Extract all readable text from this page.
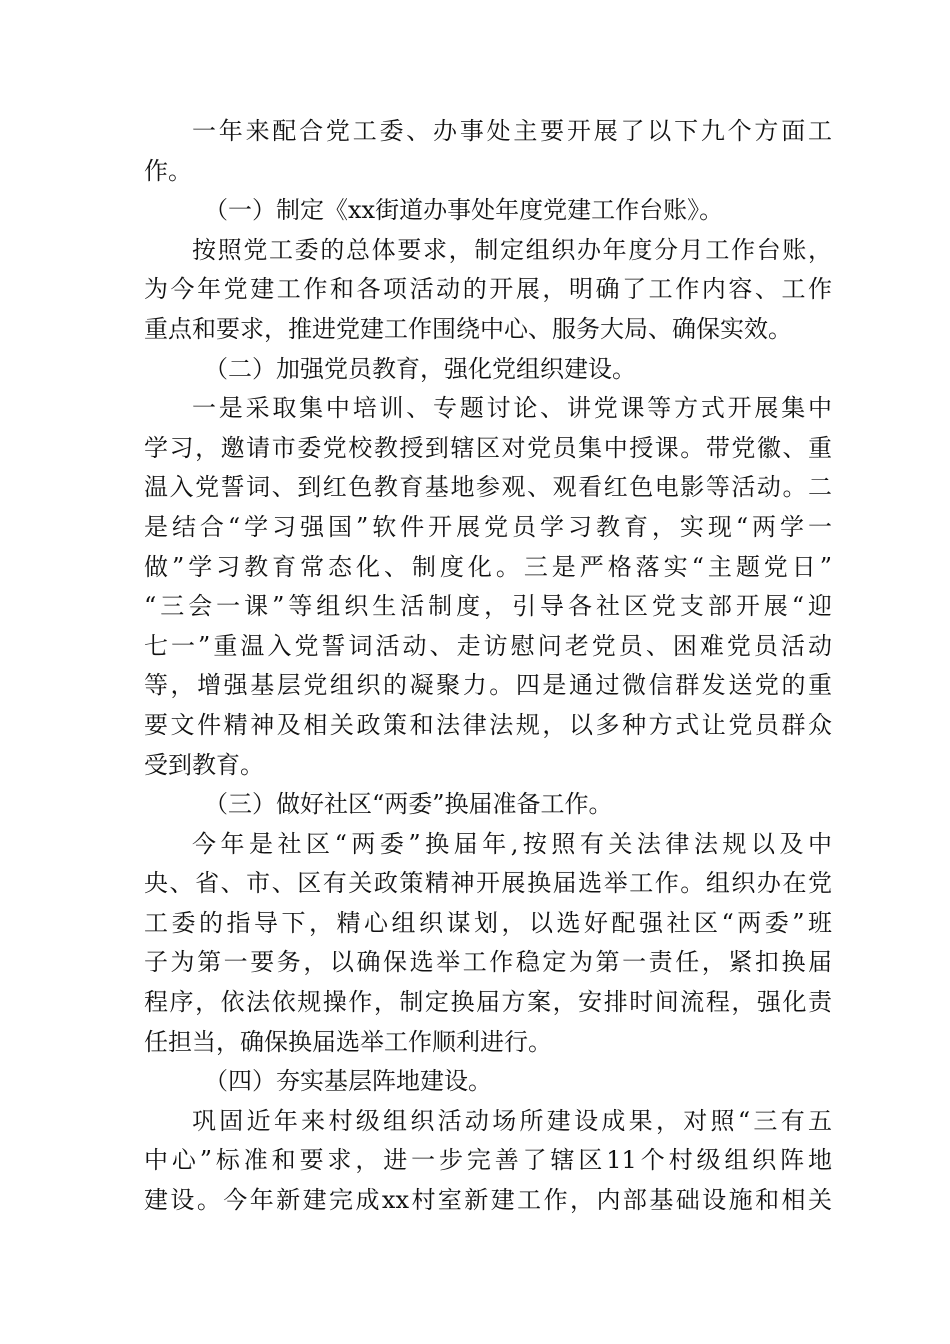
一年来配合党工委、办事处主要开展了以下九个方面工
作。
（一）制定《xx街道办事处年度党建工作台账》。
按照党工委的总体要求，制定组织办年度分月工作台账，
为今年党建工作和各项活动的开展，明确了工作内容、工作
重点和要求，推进党建工作围绕中心、服务大局、确保实效。
（二）加强党员教育，强化党组织建设。
一是采取集中培训、专题讨论、讲党课等方式开展集中
学习，邀请市委党校教授到辖区对党员集中授课。带党徽、重
温入党誓词、到红色教育基地参观、观看红色电影等活动。二
是结合“学习强国”软件开展党员学习教育，实现“两学一
做”学习教育常态化、制度化。三是严格落实“主题党日”
“三会一课”等组织生活制度，引导各社区党支部开展“迎
七一”重温入党誓词活动、走访慰问老党员、困难党员活动
等，增强基层党组织的凝聚力。四是通过微信群发送党的重
要文件精神及相关政策和法律法规，以多种方式让党员群众
受到教育。
（三）做好社区“两委”换届准备工作。
今年是社区“两委”换届年,按照有关法律法规以及中
央、省、市、区有关政策精神开展换届选举工作。组织办在党
工委的指导下，精心组织谋划，以选好配强社区“两委”班
子为第一要务，以确保选举工作稳定为第一责任，紧扣换届
程序，依法依规操作，制定换届方案，安排时间流程，强化责
任担当，确保换届选举工作顺利进行。
（四）夯实基层阵地建设。
巩固近年来村级组织活动场所建设成果，对照“三有五
中心”标准和要求，进一步完善了辖区11个村级组织阵地
建设。今年新建完成xx村室新建工作，内部基础设施和相关
